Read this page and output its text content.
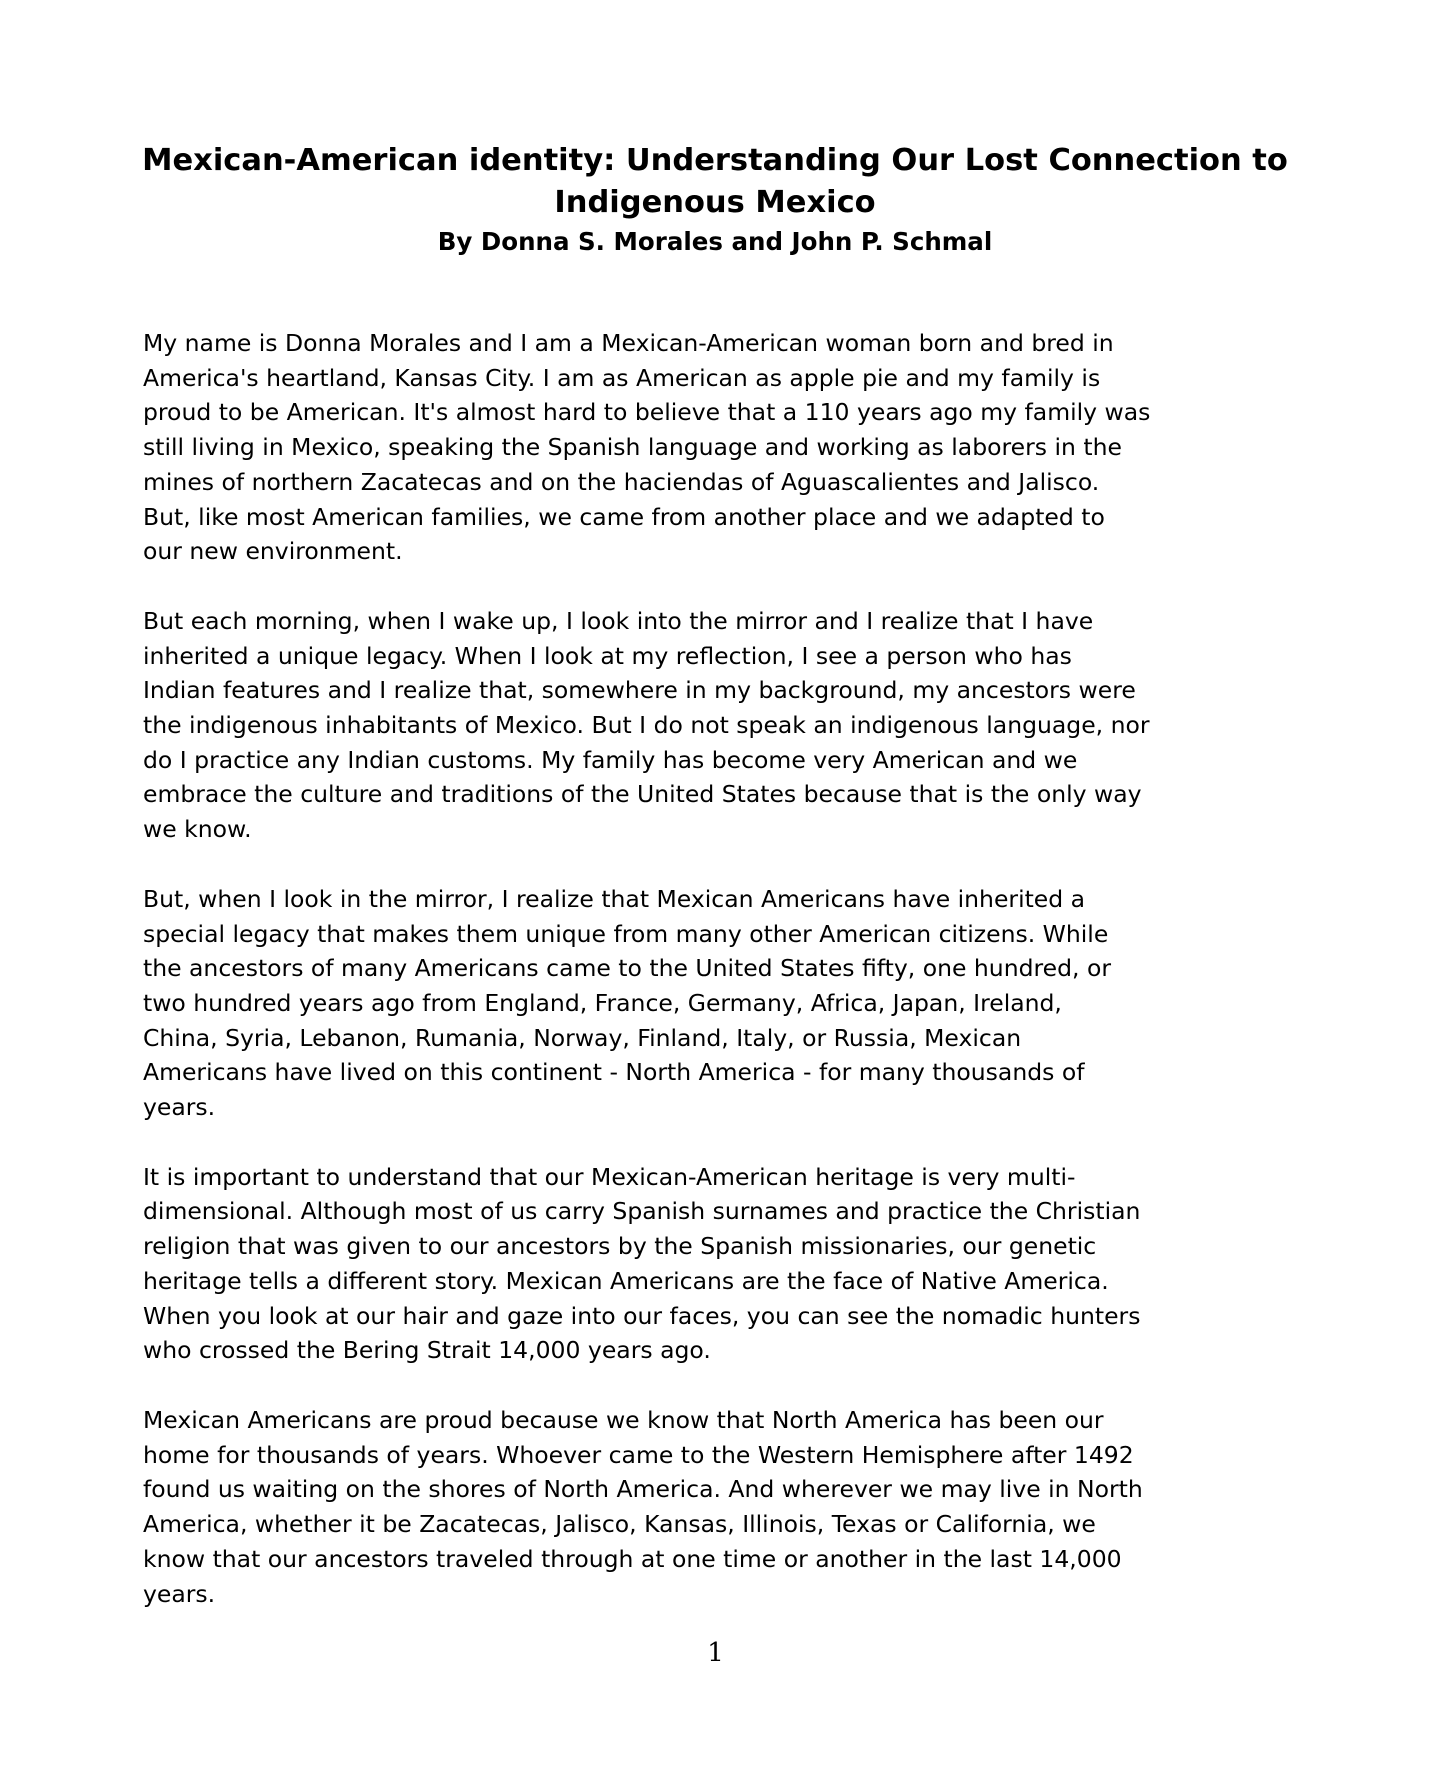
Mexican-American identity: Understanding Our Lost Connection to
Indigenous Mexico

By Donna S. Morales and John P. Schmal

My name is Donna Morales and I am a Mexican-American woman born and bred in
America's heartland, Kansas City. I am as American as apple pie and my family is
proud to be American. It's almost hard to believe that a 110 years ago my family was
still living in Mexico, speaking the Spanish language and working as laborers in the
mines of northern Zacatecas and on the haciendas of Aguascalientes and Jalisco.
But, like most American families, we came from another place and we adapted to
our new environment.

But each morning, when I wake up, I look into the mirror and I realize that I have
inherited a unique legacy. When I look at my reflection, I see a person who has
Indian features and I realize that, somewhere in my background, my ancestors were
the indigenous inhabitants of Mexico. But I do not speak an indigenous language, nor
do I practice any Indian customs. My family has become very American and we
embrace the culture and traditions of the United States because that is the only way
we know.

But, when I look in the mirror, I realize that Mexican Americans have inherited a
special legacy that makes them unique from many other American citizens. While
the ancestors of many Americans came to the United States fifty, one hundred, or
two hundred years ago from England, France, Germany, Africa, Japan, Ireland,
China, Syria, Lebanon, Rumania, Norway, Finland, Italy, or Russia, Mexican
Americans have lived on this continent - North America - for many thousands of
years.

It is important to understand that our Mexican-American heritage is very multi-
dimensional. Although most of us carry Spanish surnames and practice the Christian
religion that was given to our ancestors by the Spanish missionaries, our genetic
heritage tells a different story. Mexican Americans are the face of Native America.
When you look at our hair and gaze into our faces, you can see the nomadic hunters
who crossed the Bering Strait 14,000 years ago.

Mexican Americans are proud because we know that North America has been our
home for thousands of years. Whoever came to the Western Hemisphere after 1492
found us waiting on the shores of North America. And wherever we may live in North
America, whether it be Zacatecas, Jalisco, Kansas, Illinois, Texas or California, we
know that our ancestors traveled through at one time or another in the last 14,000
years.

1
